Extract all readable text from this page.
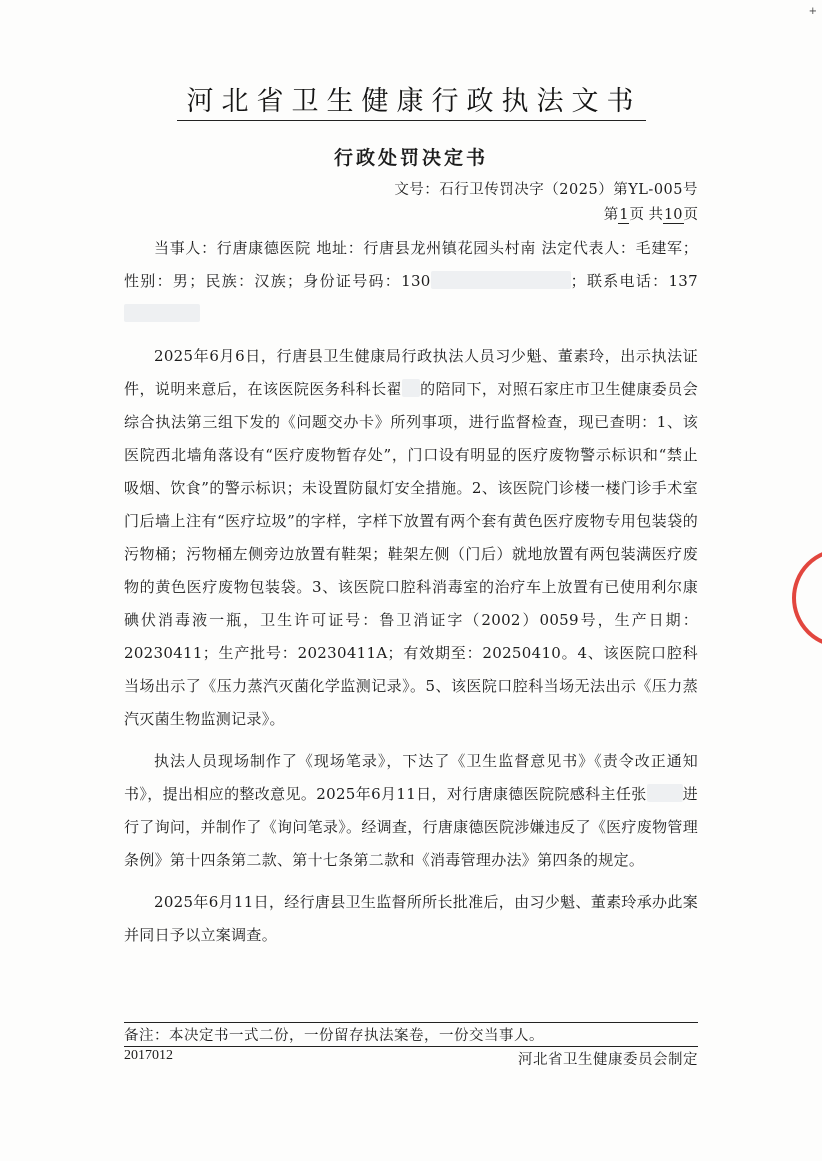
+
河北省卫生健康行政执法文书
行政处罚决定书
文号：石行卫传罚决字（2025）第YL-005号
第1页 共10页

当事人：行唐康德医院 地址：行唐县龙州镇花园头村南 法定代表人：毛建军；性别：男；民族：汉族；身份证号码：130	；联系电话：137

2025年6月6日，行唐县卫生健康局行政执法人员习少魁、董素玲，出示执法证件，说明来意后，在该医院医务科科长翟 的陪同下，对照石家庄市卫生健康委员会综合执法第三组下发的《问题交办卡》所列事项，进行监督检查，现已查明：1、该医院西北墙角落设有“医疗废物暂存处”，门口设有明显的医疗废物警示标识和“禁止吸烟、饮食”的警示标识；未设置防鼠灯安全措施。2、该医院门诊楼一楼门诊手术室门后墙上注有“医疗垃圾”的字样，字样下放置有两个套有黄色医疗废物专用包装袋的污物桶；污物桶左侧旁边放置有鞋架；鞋架左侧（门后）就地放置有两包装满医疗废物的黄色医疗废物包装袋。3、该医院口腔科消毒室的治疗车上放置有已使用利尔康碘伏消毒液一瓶，卫生许可证号：鲁卫消证字（2002）0059号，生产日期：20230411；生产批号：20230411A；有效期至：20250410。4、该医院口腔科当场出示了《压力蒸汽灭菌化学监测记录》。5、该医院口腔科当场无法出示《压力蒸汽灭菌生物监测记录》。

执法人员现场制作了《现场笔录》，下达了《卫生监督意见书》《责令改正通知书》，提出相应的整改意见。2025年6月11日，对行唐康德医院院感科主任张 进行了询问，并制作了《询问笔录》。经调查，行唐康德医院涉嫌违反了《医疗废物管理条例》第十四条第二款、第十七条第二款和《消毒管理办法》第四条的规定。

2025年6月11日，经行唐县卫生监督所所长批准后，由习少魁、董素玲承办此案并同日予以立案调查。

备注：本决定书一式二份，一份留存执法案卷，一份交当事人。
2017012	河北省卫生健康委员会制定
